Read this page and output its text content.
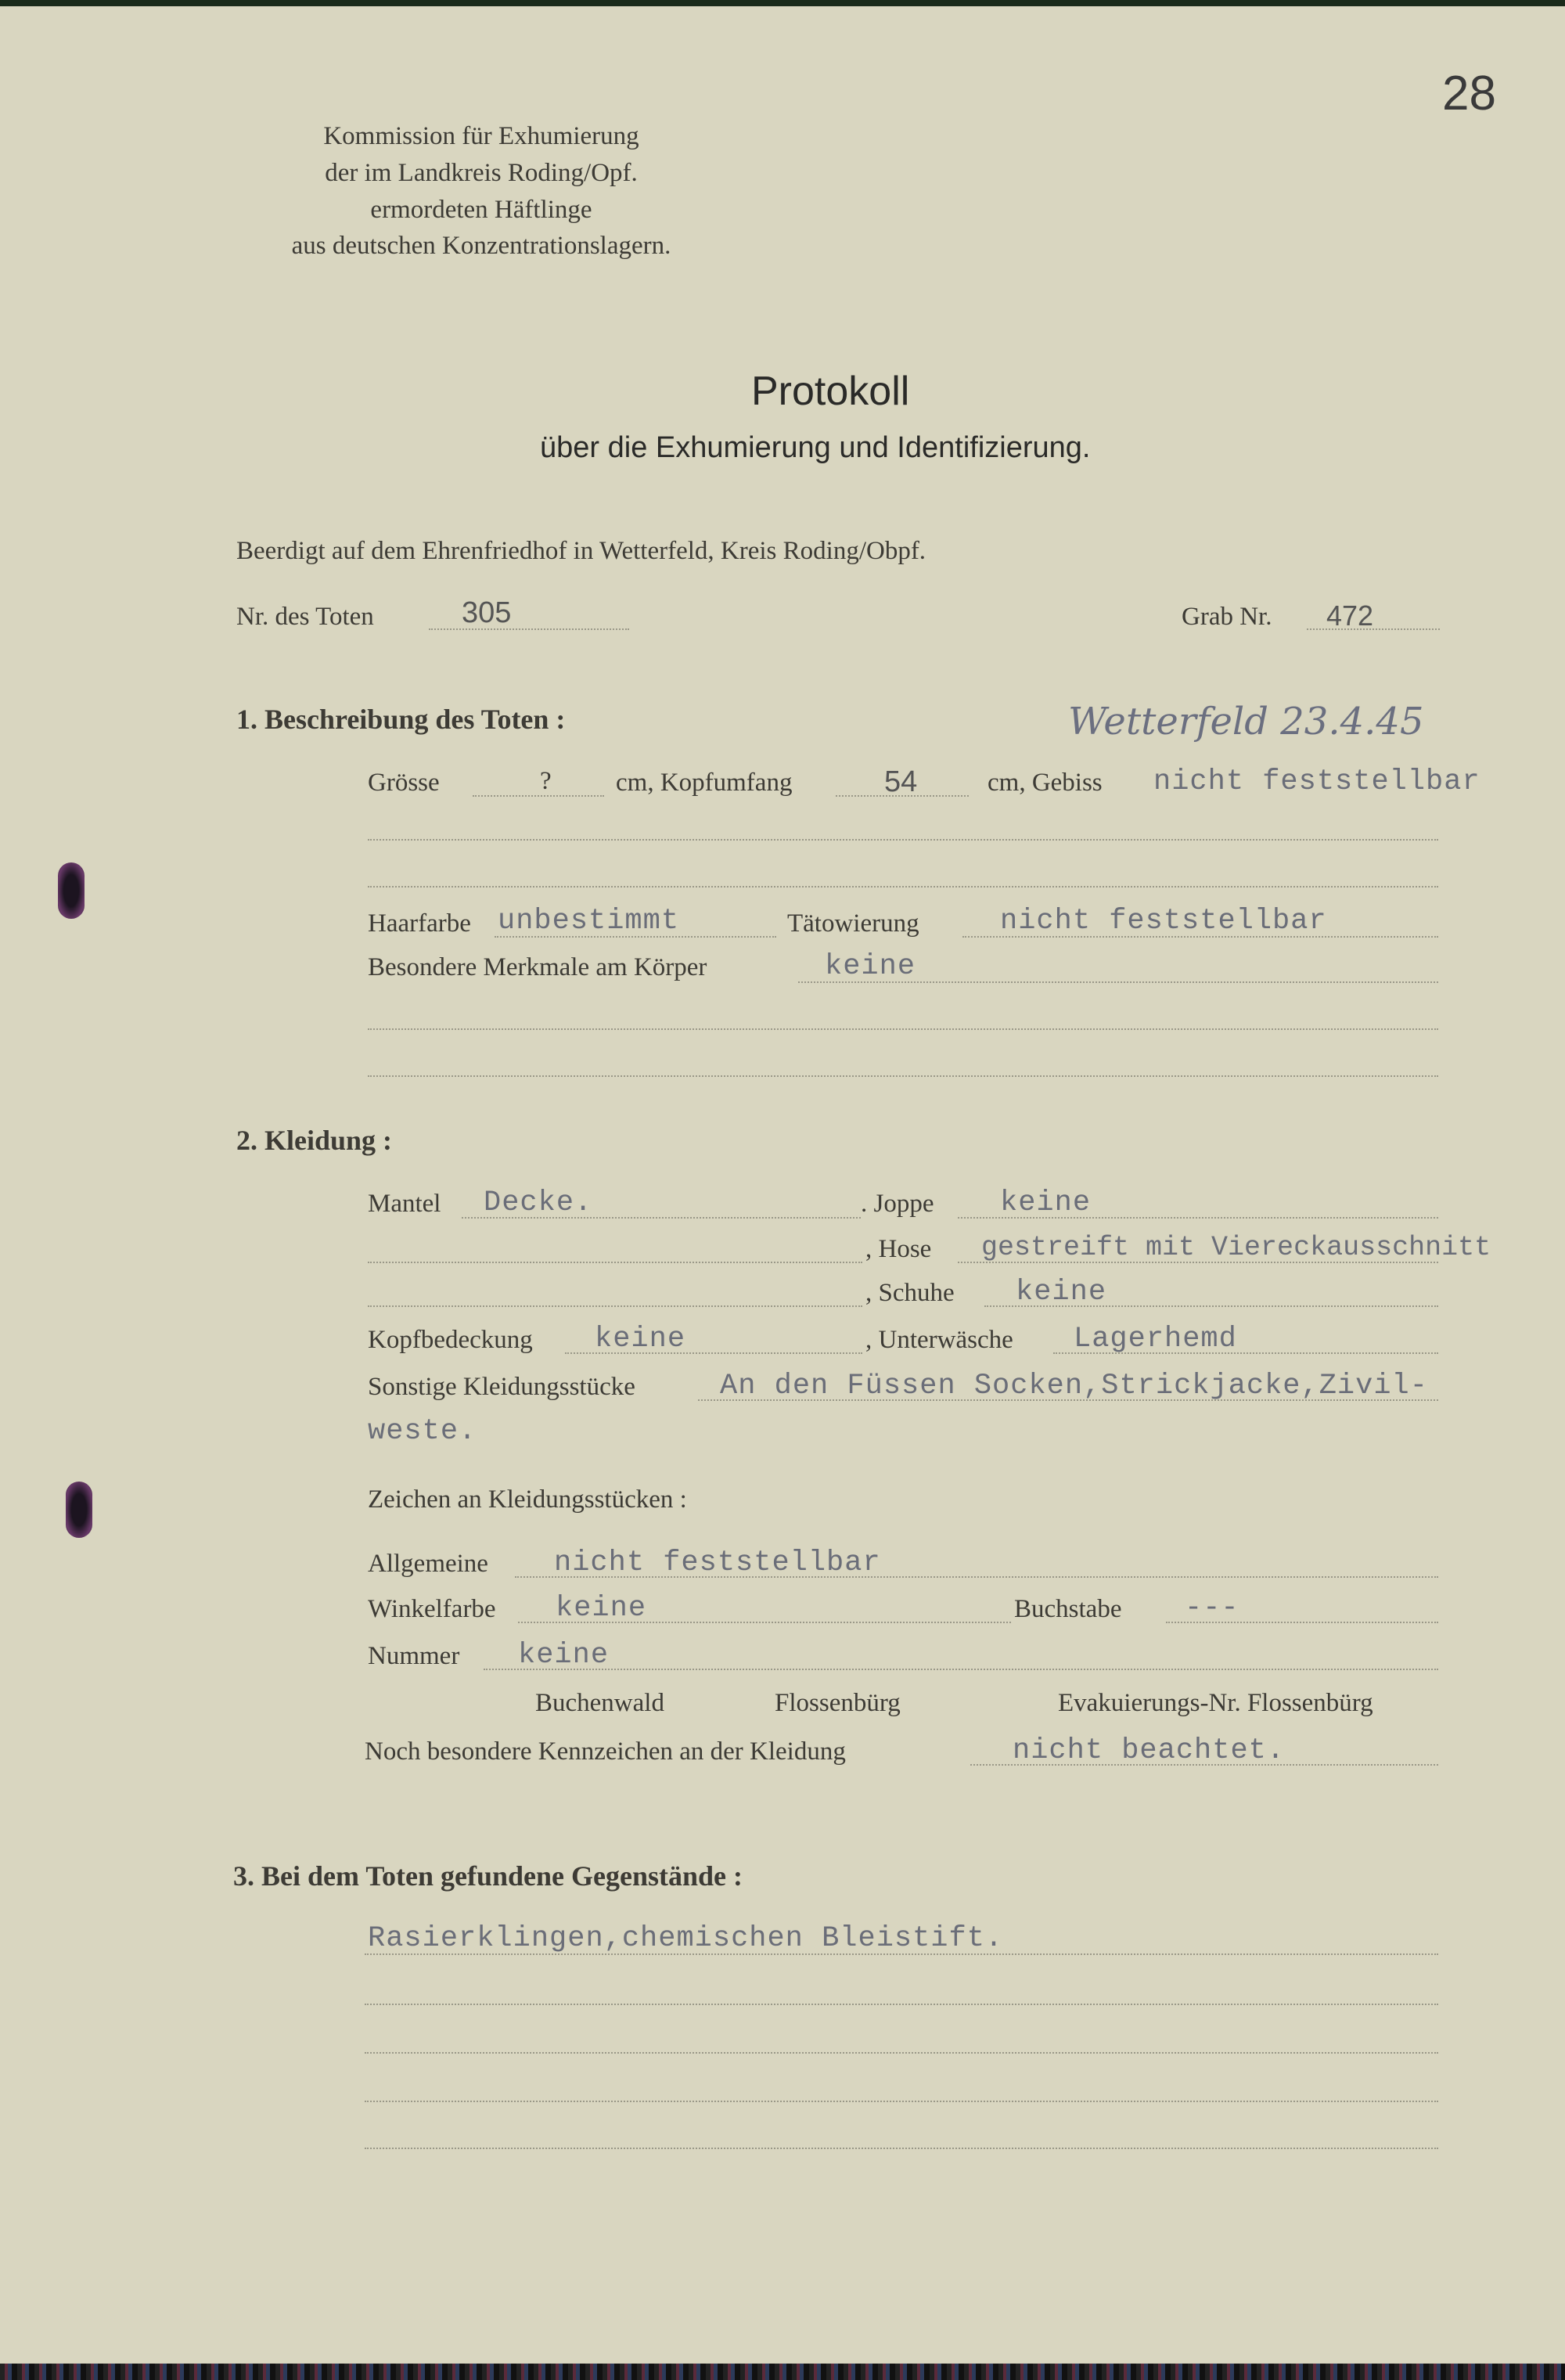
28
Kommission für Exhumierung
der im Landkreis Roding/Opf.
ermordeten Häftlinge
aus deutschen Konzentrationslagern.
Protokoll
über die Exhumierung und Identifizierung.
Beerdigt auf dem Ehrenfriedhof in Wetterfeld, Kreis Roding/Obpf.
Nr. des Toten	305	Grab Nr. 472
1. Beschreibung des Toten :	Wetterfeld 23.4.45
Grösse	? cm, Kopfumfang	54	cm, Gebiss nicht feststellbar
Haarfarbe unbestimmt	Tätowierung	nicht feststellbar
Besondere Merkmale am Körper	keine
2. Kleidung :
Mantel Decke.	. Joppe keine
, Hose gestreift mit Viereckausschnitt
, Schuhe keine
Kopfbedeckung keine	, Unterwäsche Lagerhemd
Sonstige Kleidungsstücke	An den Füssen Socken,Strickjacke,Zivil-
weste.
Zeichen an Kleidungsstücken :
Allgemeine nicht feststellbar
Winkelfarbe keine	Buchstabe ---
Nummer keine
Buchenwald	Flossenbürg	Evakuierungs-Nr. Flossenbürg
Noch besondere Kennzeichen an der Kleidung	nicht beachtet.
3. Bei dem Toten gefundene Gegenstände :
Rasierklingen,chemischen Bleistift.
